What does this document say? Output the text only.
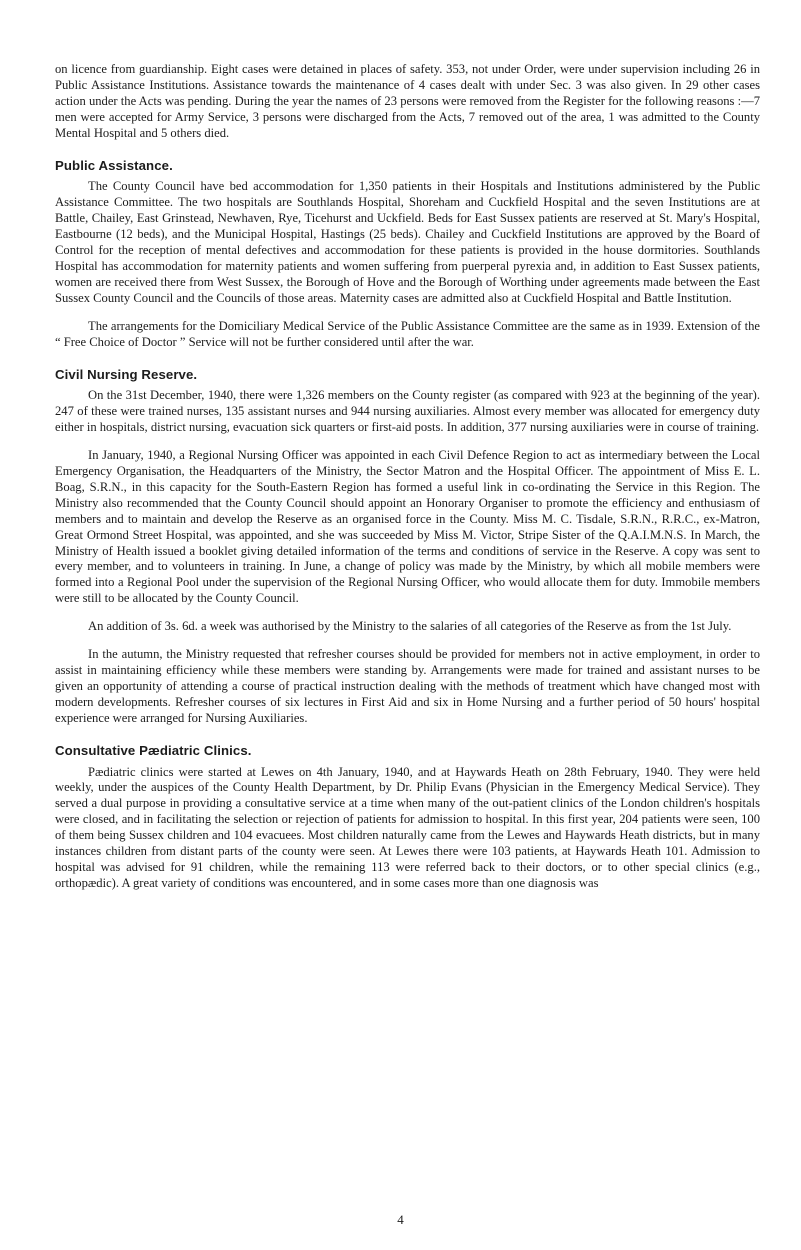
on licence from guardianship. Eight cases were detained in places of safety. 353, not under Order, were under supervision including 26 in Public Assistance Institutions. Assistance towards the maintenance of 4 cases dealt with under Sec. 3 was also given. In 29 other cases action under the Acts was pending. During the year the names of 23 persons were removed from the Register for the following reasons :—7 men were accepted for Army Service, 3 persons were discharged from the Acts, 7 removed out of the area, 1 was admitted to the County Mental Hospital and 5 others died.

Public Assistance.

The County Council have bed accommodation for 1,350 patients in their Hospitals and Institutions administered by the Public Assistance Committee. The two hospitals are Southlands Hospital, Shoreham and Cuckfield Hospital and the seven Institutions are at Battle, Chailey, East Grinstead, Newhaven, Rye, Ticehurst and Uckfield. Beds for East Sussex patients are reserved at St. Mary's Hospital, Eastbourne (12 beds), and the Municipal Hospital, Hastings (25 beds). Chailey and Cuckfield Institutions are approved by the Board of Control for the reception of mental defectives and accommodation for these patients is provided in the house dormitories. Southlands Hospital has accommodation for maternity patients and women suffering from puerperal pyrexia and, in addition to East Sussex patients, women are received there from West Sussex, the Borough of Hove and the Borough of Worthing under agreements made between the East Sussex County Council and the Councils of those areas. Maternity cases are admitted also at Cuckfield Hospital and Battle Institution.

The arrangements for the Domiciliary Medical Service of the Public Assistance Committee are the same as in 1939. Extension of the “ Free Choice of Doctor ” Service will not be further considered until after the war.

Civil Nursing Reserve.

On the 31st December, 1940, there were 1,326 members on the County register (as compared with 923 at the beginning of the year). 247 of these were trained nurses, 135 assistant nurses and 944 nursing auxiliaries. Almost every member was allocated for emergency duty either in hospitals, district nursing, evacuation sick quarters or first-aid posts. In addition, 377 nursing auxiliaries were in course of training.

In January, 1940, a Regional Nursing Officer was appointed in each Civil Defence Region to act as intermediary between the Local Emergency Organisation, the Headquarters of the Ministry, the Sector Matron and the Hospital Officer. The appointment of Miss E. L. Boag, S.R.N., in this capacity for the South-Eastern Region has formed a useful link in co-ordinating the Service in this Region. The Ministry also recommended that the County Council should appoint an Honorary Organiser to promote the efficiency and enthusiasm of members and to maintain and develop the Reserve as an organised force in the County. Miss M. C. Tisdale, S.R.N., R.R.C., ex-Matron, Great Ormond Street Hospital, was appointed, and she was succeeded by Miss M. Victor, Stripe Sister of the Q.A.I.M.N.S. In March, the Ministry of Health issued a booklet giving detailed information of the terms and conditions of service in the Reserve. A copy was sent to every member, and to volunteers in training. In June, a change of policy was made by the Ministry, by which all mobile members were formed into a Regional Pool under the supervision of the Regional Nursing Officer, who would allocate them for duty. Immobile members were still to be allocated by the County Council.

An addition of 3s. 6d. a week was authorised by the Ministry to the salaries of all categories of the Reserve as from the 1st July.

In the autumn, the Ministry requested that refresher courses should be provided for members not in active employment, in order to assist in maintaining efficiency while these members were standing by. Arrangements were made for trained and assistant nurses to be given an opportunity of attending a course of practical instruction dealing with the methods of treatment which have changed most with modern developments. Refresher courses of six lectures in First Aid and six in Home Nursing and a further period of 50 hours' hospital experience were arranged for Nursing Auxiliaries.

Consultative Pædiatric Clinics.

Pædiatric clinics were started at Lewes on 4th January, 1940, and at Haywards Heath on 28th February, 1940. They were held weekly, under the auspices of the County Health Department, by Dr. Philip Evans (Physician in the Emergency Medical Service). They served a dual purpose in providing a consultative service at a time when many of the out-patient clinics of the London children's hospitals were closed, and in facilitating the selection or rejection of patients for admission to hospital. In this first year, 204 patients were seen, 100 of them being Sussex children and 104 evacuees. Most children naturally came from the Lewes and Haywards Heath districts, but in many instances children from distant parts of the county were seen. At Lewes there were 103 patients, at Haywards Heath 101. Admission to hospital was advised for 91 children, while the remaining 113 were referred back to their doctors, or to other special clinics (e.g., orthopædic). A great variety of conditions was encountered, and in some cases more than one diagnosis was

4
